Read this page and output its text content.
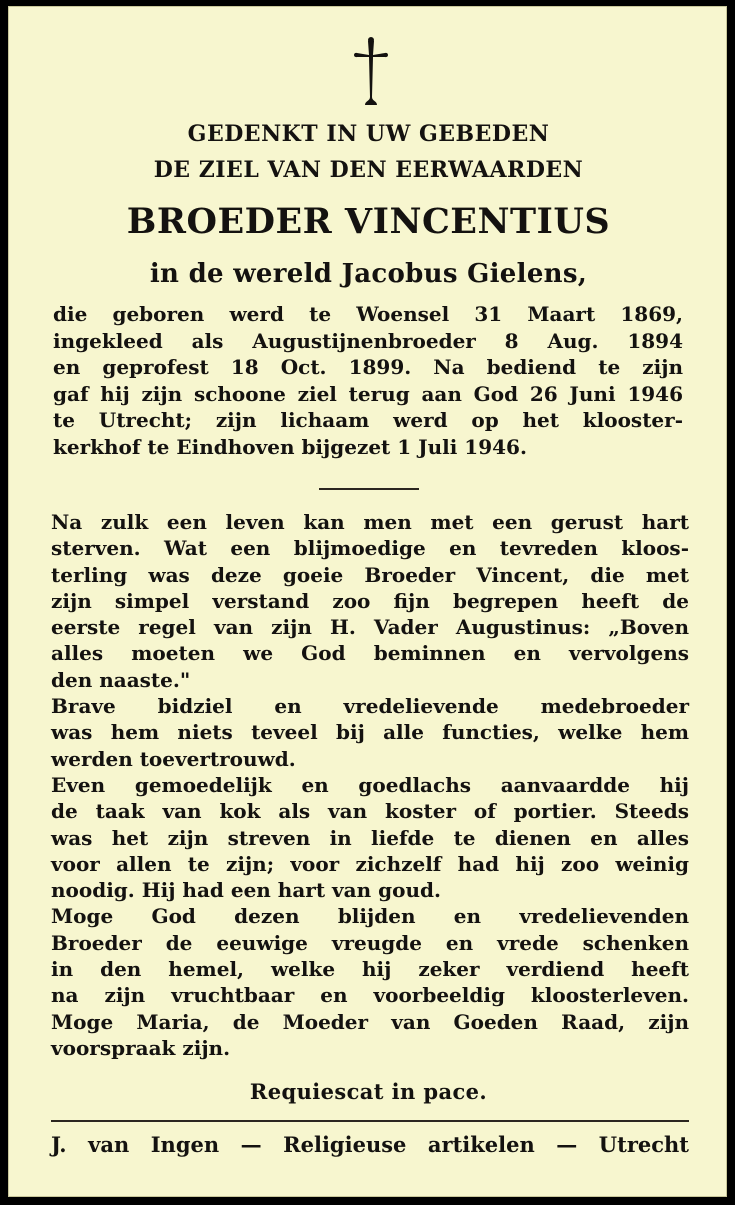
GEDENKT IN UW GEBEDEN
DE ZIEL VAN DEN EERWAARDEN
BROEDER VINCENTIUS
in de wereld Jacobus Gielens,
die geboren werd te Woensel 31 Maart 1869,
ingekleed als Augustijnenbroeder 8 Aug. 1894
en geprofest 18 Oct. 1899. Na bediend te zijn
gaf hij zijn schoone ziel terug aan God 26 Juni 1946
te Utrecht; zijn lichaam werd op het klooster-
kerkhof te Eindhoven bijgezet 1 Juli 1946.
Na zulk een leven kan men met een gerust hart
sterven. Wat een blijmoedige en tevreden kloos-
terling was deze goeie Broeder Vincent, die met
zijn simpel verstand zoo fijn begrepen heeft de
eerste regel van zijn H. Vader Augustinus: „Boven
alles moeten we God beminnen en vervolgens
den naaste."
Brave bidziel en vredelievende medebroeder
was hem niets teveel bij alle functies, welke hem
werden toevertrouwd.
Even gemoedelijk en goedlachs aanvaardde hij
de taak van kok als van koster of portier. Steeds
was het zijn streven in liefde te dienen en alles
voor allen te zijn; voor zichzelf had hij zoo weinig
noodig. Hij had een hart van goud.
Moge God dezen blijden en vredelievenden
Broeder de eeuwige vreugde en vrede schenken
in den hemel, welke hij zeker verdiend heeft
na zijn vruchtbaar en voorbeeldig kloosterleven.
Moge Maria, de Moeder van Goeden Raad, zijn
voorspraak zijn.
Requiescat in pace.
J. van Ingen — Religieuse artikelen — Utrecht
